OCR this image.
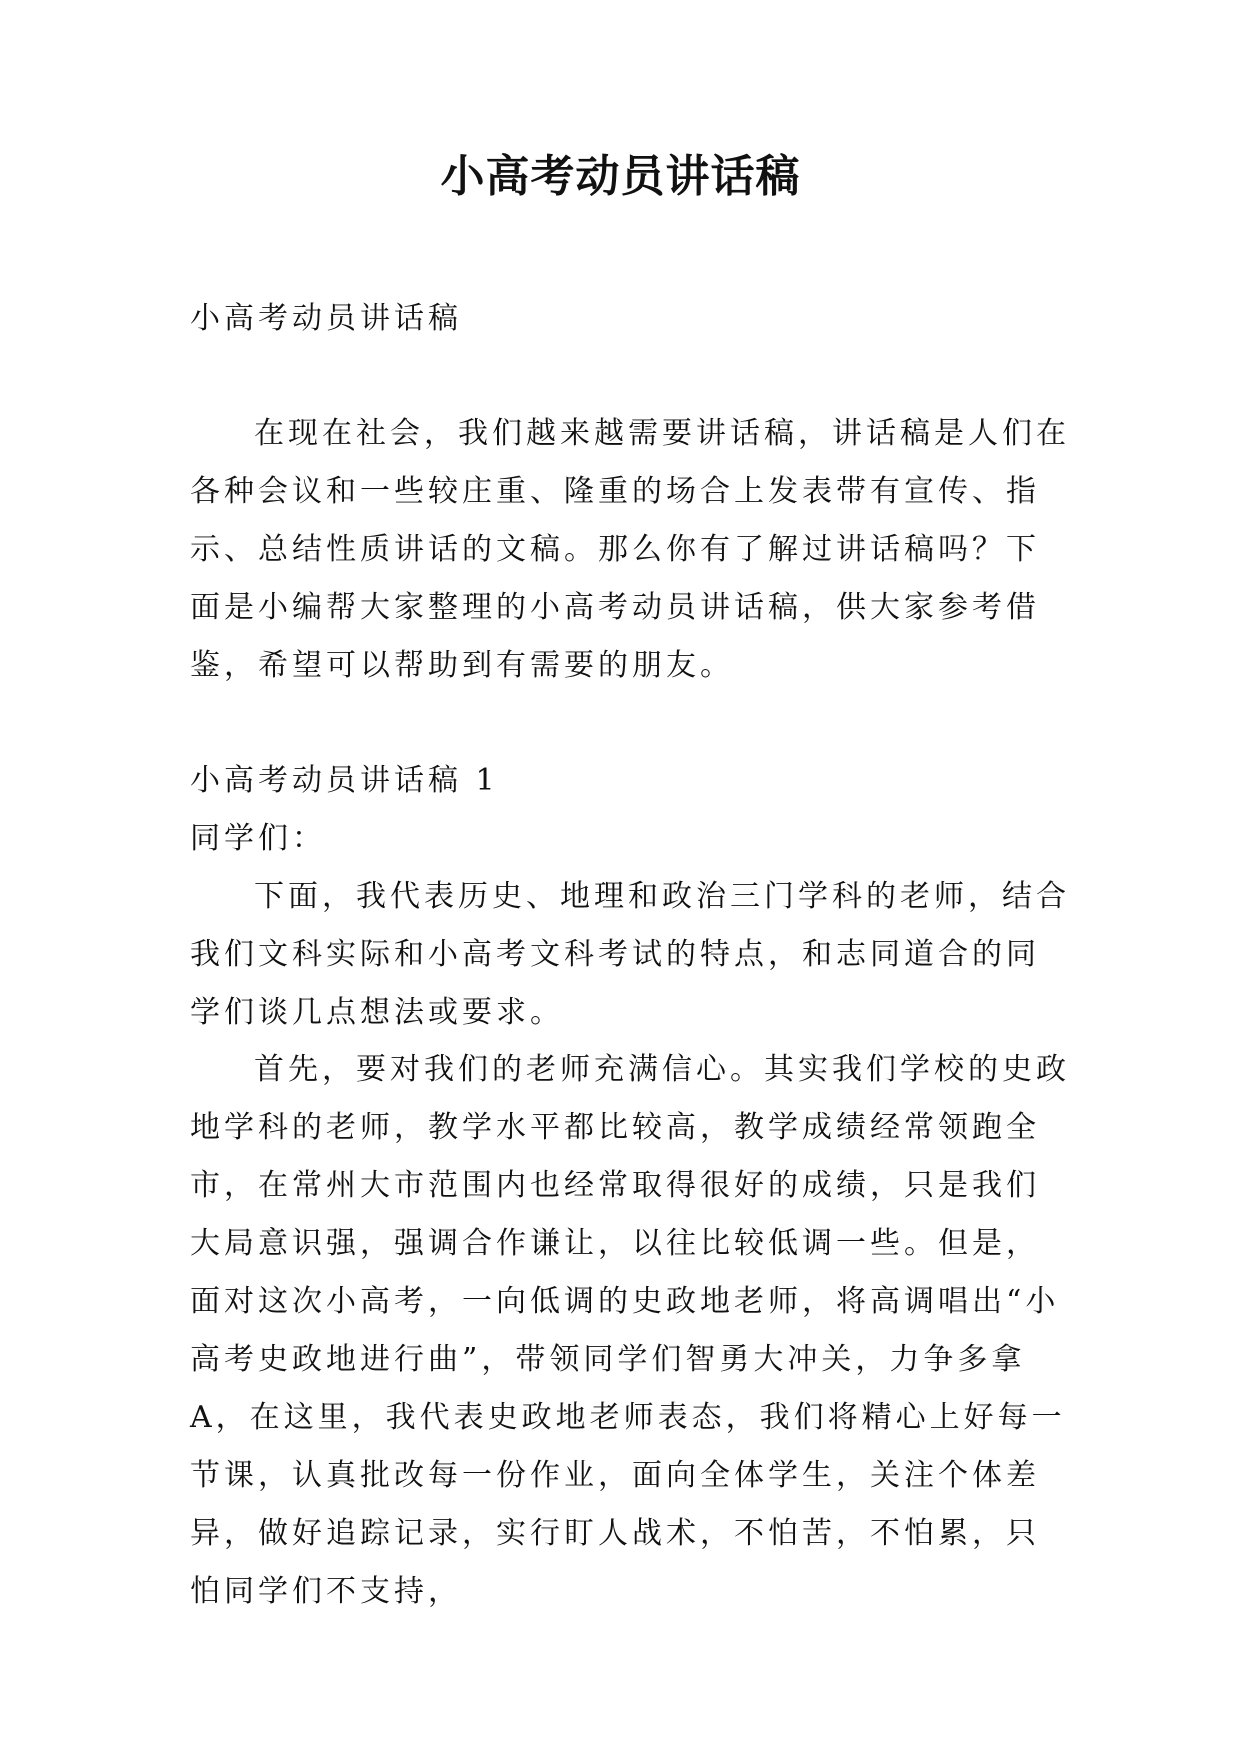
小高考动员讲话稿

小高考动员讲话稿

在现在社会，我们越来越需要讲话稿，讲话稿是人们在各种会议和一些较庄重、隆重的场合上发表带有宣传、指示、总结性质讲话的文稿。那么你有了解过讲话稿吗？下面是小编帮大家整理的小高考动员讲话稿，供大家参考借鉴，希望可以帮助到有需要的朋友。

小高考动员讲话稿 1

同学们：

下面，我代表历史、地理和政治三门学科的老师，结合我们文科实际和小高考文科考试的特点，和志同道合的同学们谈几点想法或要求。

首先，要对我们的老师充满信心。其实我们学校的史政地学科的老师，教学水平都比较高，教学成绩经常领跑全市，在常州大市范围内也经常取得很好的成绩，只是我们大局意识强，强调合作谦让，以往比较低调一些。但是，面对这次小高考，一向低调的史政地老师，将高调唱出“小高考史政地进行曲”，带领同学们智勇大冲关，力争多拿A，在这里，我代表史政地老师表态，我们将精心上好每一节课，认真批改每一份作业，面向全体学生，关注个体差异，做好追踪记录，实行盯人战术，不怕苦，不怕累，只怕同学们不支持，
